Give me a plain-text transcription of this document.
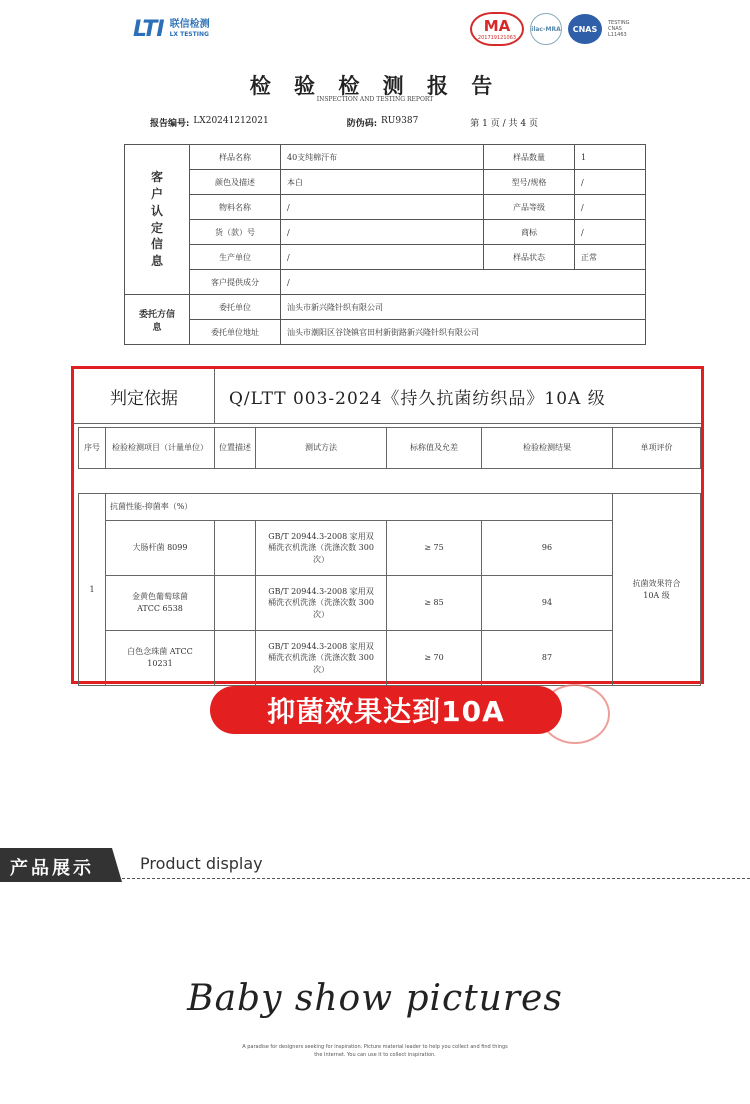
LTI 联信检测
LX TESTING	MA
201719121063
ilac-MRA CNAS
TESTING CNAS L11463
检 验 检 测 报 告
INSPECTION AND TESTING REPORT
报告编号: LX20241212021	防伪码: RU9387	第 1 页 / 共 4 页
客户认定信息	样品名称	40支纯棉汗布	样品数量	1
	颜色及描述	本白	型号/规格	/
	物料名称	/	产品等级	/
	货（款）号	/	商标	/
	生产单位	/	样品状态	正常
	客户提供成分	/		
委托方信息	委托单位	汕头市新兴隆针织有限公司		
	委托单位地址	汕头市潮阳区谷饶镇官田村新街路新兴隆针织有限公司		
判定依据	Q/LTT 003-2024《持久抗菌纺织品》10A 级
序号	检验检测项目（计量单位）	位置描述	测试方法	标称值及允差	检验检测结果	单项评价

1	抗菌性能-抑菌率（%）					抗菌效果符合 10A 级
	大肠杆菌 8099		GB/T 20944.3-2008 家用双桶洗衣机洗涤（洗涤次数 300 次）	≥ 75	96	
	金黄色葡萄球菌 ATCC 6538		GB/T 20944.3-2008 家用双桶洗衣机洗涤（洗涤次数 300 次）	≥ 85	94	
	白色念珠菌 ATCC 10231		GB/T 20944.3-2008 家用双桶洗衣机洗涤（洗涤次数 300 次）	≥ 70	87	
抑菌效果达到10A
产品展示	Product display
Baby show pictures
A paradise for designers seeking for inspiration. Picture material leader to help you collect and find things
the Internet. You can use it to collect inspiration.
